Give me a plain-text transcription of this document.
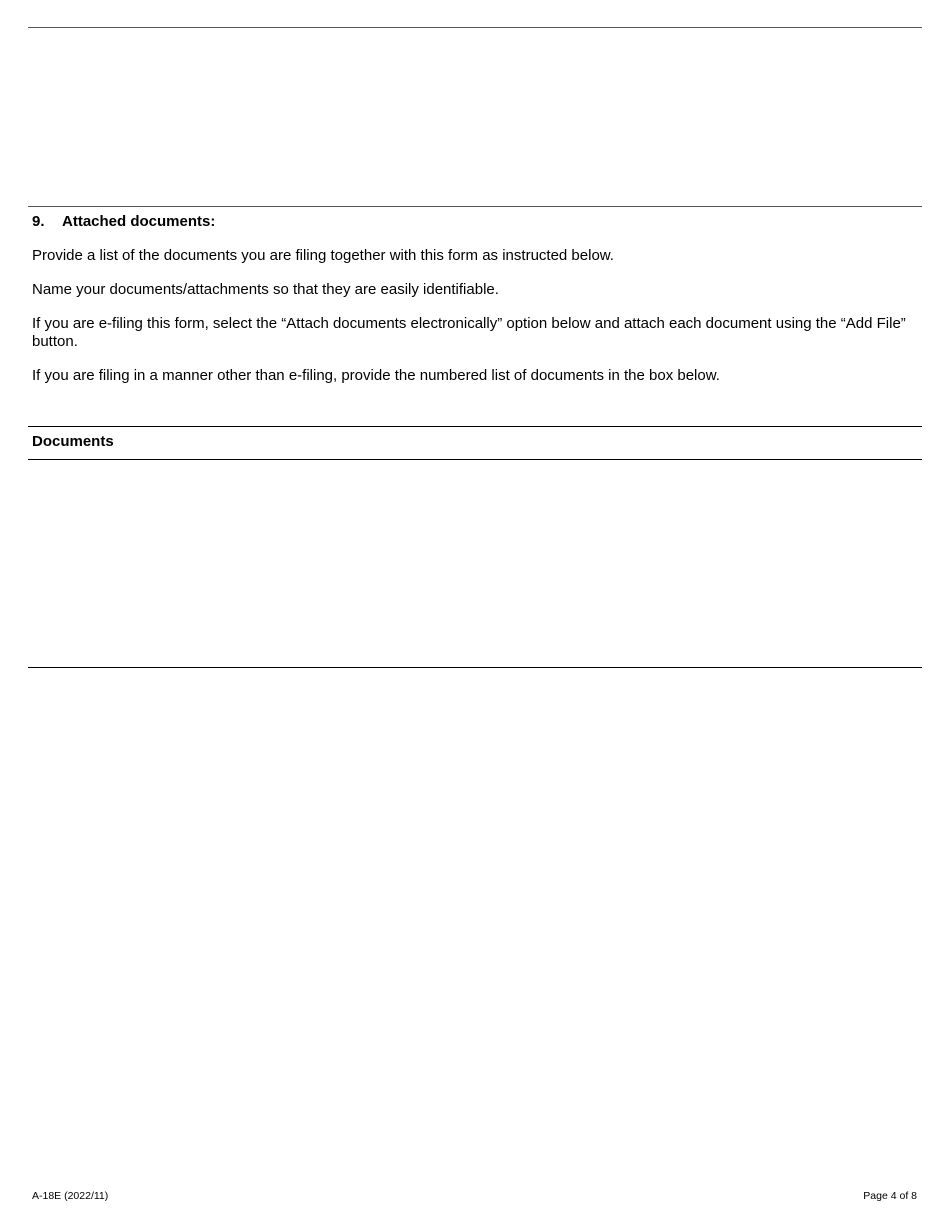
9. Attached documents:
Provide a list of the documents you are filing together with this form as instructed below.
Name your documents/attachments so that they are easily identifiable.
If you are e-filing this form, select the “Attach documents electronically” option below and attach each document using the “Add File” button.
If you are filing in a manner other than e-filing, provide the numbered list of documents in the box below.
Documents
A-18E (2022/11)	Page 4 of 8
